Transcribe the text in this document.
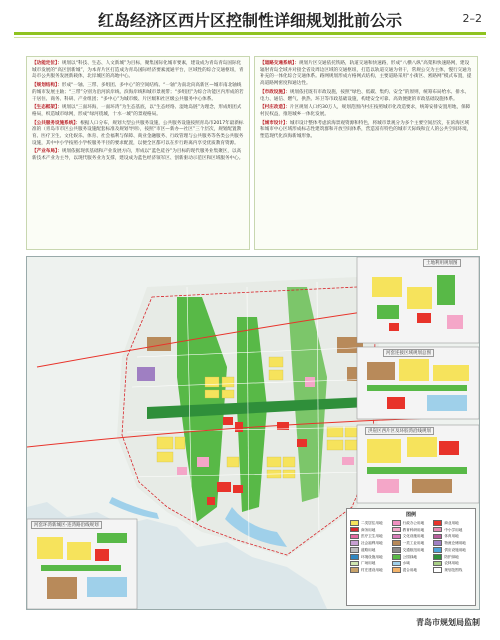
红岛经济区西片区控制性详细规划批前公示	2–2

【功能定位】：规划以“科技、生态、人文新城”为目标，聚集国际化城市要素，建设成为青岛青岛国际化城市发展的“高区创新城”，为本青片区打造成为青岛国际经济要素流通平台，区域性的综合交通枢纽，青岛市公共服务发展新载体，北岸城区的高地中心。

【规划结构】：形成“一轴、三带、多组团、多中心”的空间结构。“一轴”为南北向高新区—城市南北轴线的城市发展主轴；“三带”分别为沿河滨岸线、滨海岸线和城市景观带；“多组团”为综合功能区内形成的若干居住、商务、科研、产业组团；“多中心”为城市级、片区级和社区级公共服务中心体系。

【生态框架】：规划以“三面环海，一面环湾”为生态基底，以“生态经络、湿地岛链”为理念，形成组团式格局，织造城市绿网，形成“绿河绕城，十水一城”的景观格局。

【公共服务设施系统】：根据人口分布，规划大型公共服务设施，公共服务设施按照青岛市2017年最新标准的（青岛市市区公共服务设施配套标准及规划导则），按照“市区—新办—社区”三个层次，规划配置教育、医疗卫生、文化娱乐、体育、社会福利与保障、商业金融服务、行政管理与公共服务等各类公共服务设施，其中中小学按照小学校服务半径的要求配置，以便全区都可以在步行距离内享受优质教育资源。

【产业布局】：规划依据现状基础和产业发展方向，形成以“蓝色硅谷”为目标的现代服务业集聚区，以高新技术产业为主导，以现代服务业为支撑，建设成为蓝色经济领军区、创新驱动示范区和区域服务中心。

【道路交通系统】：规划片区交通依托铁路，轨道交通和快速路，形成“八横八纵”高架和快速路网，建设辐射青岛全域并对接全省及周边区域的交通枢纽，打造以轨道交通为骨干，常规公交为主体，慢行交通为补充的一体化综合交通体系。路网规划形成方格网式结构，主要道路采用“小街区、密路网”模式布置，提高道路网密度和通达性。

【市政设施】：规划依托既有市政设施，按照“绿色、低碳、集约、安全”的原则，统筹布局给水、排水、电力、通信、燃气、供热、环卫等市政基础设施，构建安全可靠、高效便捷的市政基础设施体系。

【村庄改造】：片区规划人口约30万人，规划范围内村庄按照城市化改造要求，统筹安排安置用地，保障村民权益，推进城乡一体化发展。

【城市设计】：城市设计整体考虑滨海景观资源和特色，将城市景观分为多个主要空间层次，在滨海区域和城市中心区域形成标志性建筑群和开放空间体系，营造富有特色的城市天际线和宜人的公共空间环境，塑造现代化滨海新城形象。

土地利用规划图
河套连接区域规划总图
洪崖区西片区及环胶湾沿线规划
河套环湾新城区-连湾路沿线规划
图例
二类居住用地	行政办公用地	商业用地
商务用地	教育科研用地	中小学用地
医疗卫生用地	文化设施用地	体育用地
社会福利用地	一类工业用地	物流仓储用地
道路用地	交通枢纽用地	供应设施用地
环境设施用地	公园绿地	防护绿地
广场用地	水域	农林用地
村庄建设用地	混合用地	规划范围线
青岛市规划局监制
